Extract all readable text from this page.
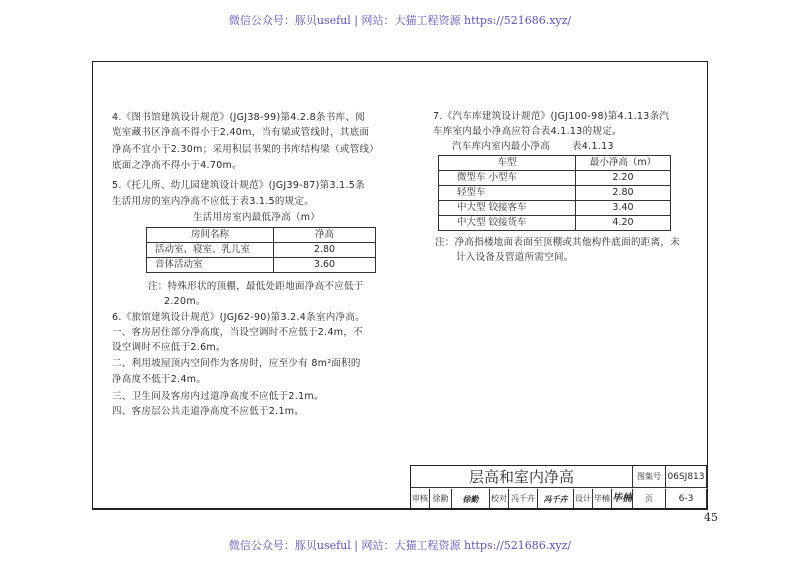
微信公众号：豚贝useful | 网站：大猫工程资源 https://521686.xyz/
微信公众号：豚贝useful | 网站：大猫工程资源 https://521686.xyz/
4.《图书馆建筑设计规范》(JGJ38-99)第4.2.8条书库、阅
览室藏书区净高不得小于2.40m，当有梁或管线时，其底面
净高不宜小于2.30m；采用积层书架的书库结构梁（或管线）
底面之净高不得小于4.70m。
5.《托儿所、幼儿园建筑设计规范》(JGJ39-87)第3.1.5条
生活用房的室内净高不应低于表3.1.5的规定。
生活用房室内最低净高（m）
房间名称	净高
活动室、寝室、乳儿室	2.80
音体活动室	3.60
注：特殊形状的顶棚，最低处距地面净高不应低于
2.20m。
6.《旅馆建筑设计规范》(JGJ62-90)第3.2.4条室内净高。
一、客房居住部分净高度，当设空调时不应低于2.4m，不
设空调时不应低于2.6m。
二、利用坡屋顶内空间作为客房时，应至少有 8m²面积的
净高度不低于2.4m。
三、卫生间及客房内过道净高度不应低于2.1m。
四、客房层公共走道净高度不应低于2.1m。
7.《汽车库建筑设计规范》(JGJ100-98)第4.1.13条汽
车库室内最小净高应符合表4.1.13的规定。
汽车库内室内最小净高 表4.1.13
车型	最小净高（m）
微型车 小型车	2.20
轻型车	2.80
中大型 铰接客车	3.40
中大型 铰接货车	4.20
注：净高指楼地面表面至顶棚或其他构件底面的距离，未
计入设备及管道所需空间。
层高和室内净高	图集号 06SJ813
页	6-3
审核 徐勤	徐勤	校对 冯千卉	冯千卉 设计 毕楠 毕楠
45
